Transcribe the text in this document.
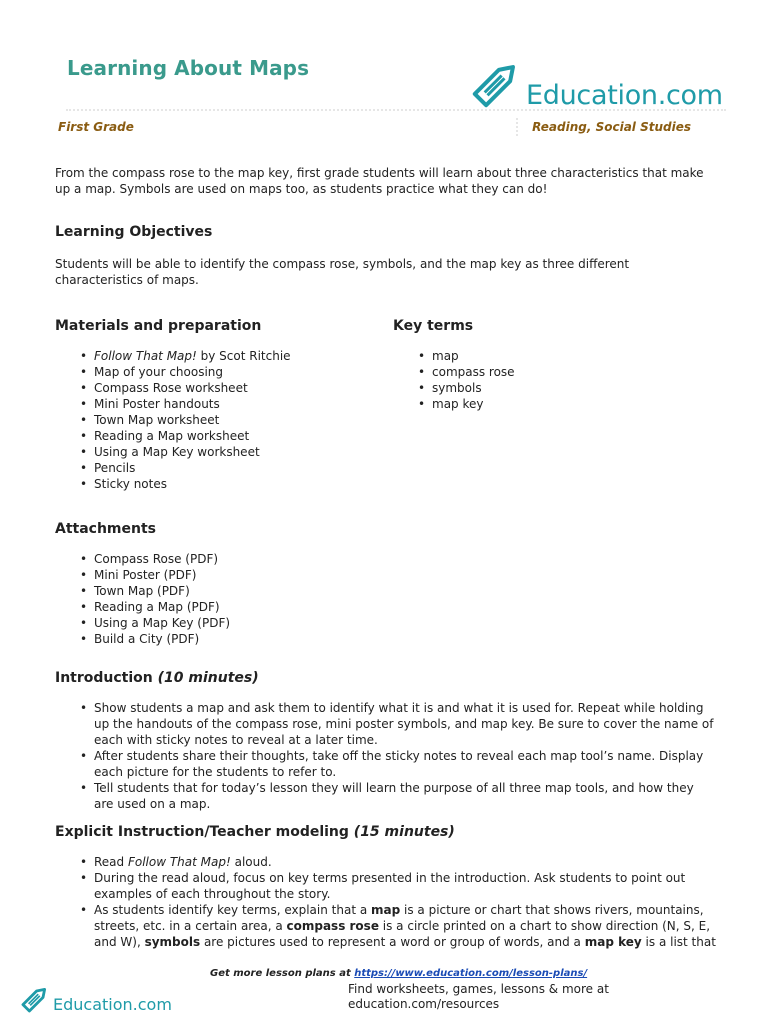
Learning About Maps
Education.com
First Grade	Reading, Social Studies
From the compass rose to the map key, first grade students will learn about three characteristics that make up a map. Symbols are used on maps too, as students practice what they can do!
Learning Objectives
Students will be able to identify the compass rose, symbols, and the map key as three different characteristics of maps.
Materials and preparation
• Follow That Map! by Scot Ritchie
• Map of your choosing
• Compass Rose worksheet
• Mini Poster handouts
• Town Map worksheet
• Reading a Map worksheet
• Using a Map Key worksheet
• Pencils
• Sticky notes
Key terms
• map
• compass rose
• symbols
• map key
Attachments
• Compass Rose (PDF)
• Mini Poster (PDF)
• Town Map (PDF)
• Reading a Map (PDF)
• Using a Map Key (PDF)
• Build a City (PDF)
Introduction (10 minutes)
• Show students a map and ask them to identify what it is and what it is used for. Repeat while holding up the handouts of the compass rose, mini poster symbols, and map key. Be sure to cover the name of each with sticky notes to reveal at a later time.
• After students share their thoughts, take off the sticky notes to reveal each map tool’s name. Display each picture for the students to refer to.
• Tell students that for today’s lesson they will learn the purpose of all three map tools, and how they are used on a map.
Explicit Instruction/Teacher modeling (15 minutes)
• Read Follow That Map! aloud.
• During the read aloud, focus on key terms presented in the introduction. Ask students to point out examples of each throughout the story.
• As students identify key terms, explain that a map is a picture or chart that shows rivers, mountains, streets, etc. in a certain area, a compass rose is a circle printed on a chart to show direction (N, S, E, and W), symbols are pictures used to represent a word or group of words, and a map key is a list that
Get more lesson plans at https://www.education.com/lesson-plans/
Education.com
Find worksheets, games, lessons & more at
education.com/resources
